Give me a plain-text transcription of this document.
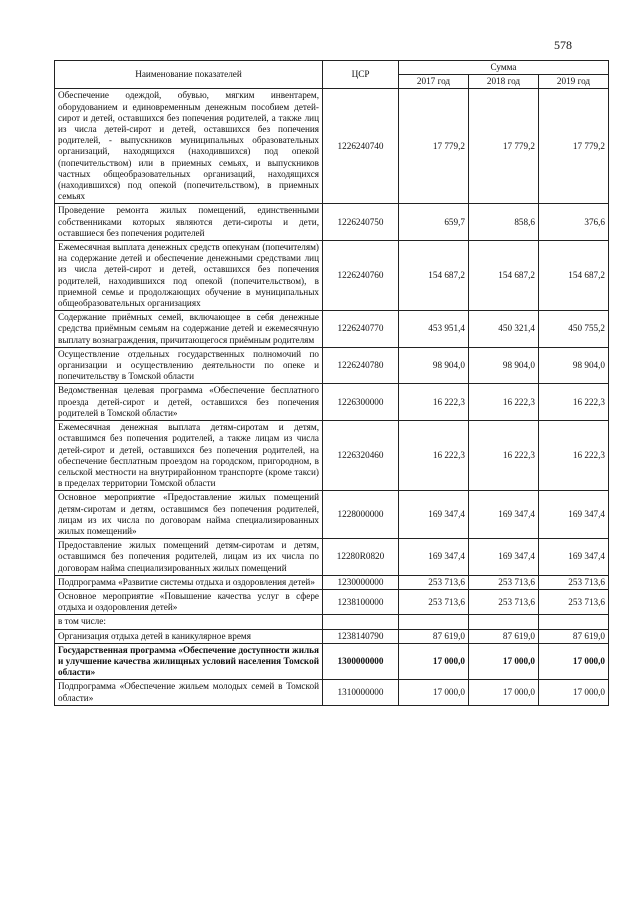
578
Наименование показателей	ЦСР	Сумма		
		2017 год	2018 год	2019 год
Обеспечение одеждой, обувью, мягким инвентарем, оборудованием и единовременным денежным пособием детей-сирот и детей, оставшихся без попечения родителей, а также лиц из числа детей-сирот и детей, оставшихся без попечения родителей, - выпускников муниципальных образовательных организаций, находящихся (находившихся) под опекой (попечительством) или в приемных семьях, и выпускников частных общеобразовательных организаций, находящихся (находившихся) под опекой (попечительством), в приемных семьях	1226240740	17 779,2	17 779,2	17 779,2
Проведение ремонта жилых помещений, единственными собственниками которых являются дети-сироты и дети, оставшиеся без попечения родителей	1226240750	659,7	858,6	376,6
Ежемесячная выплата денежных средств опекунам (попечителям) на содержание детей и обеспечение денежными средствами лиц из числа детей-сирот и детей, оставшихся без попечения родителей, находившихся под опекой (попечительством), в приемной семье и продолжающих обучение в муниципальных общеобразовательных организациях	1226240760	154 687,2	154 687,2	154 687,2
Содержание приёмных семей, включающее в себя денежные средства приёмным семьям на содержание детей и ежемесячную выплату вознаграждения, причитающегося приёмным родителям	1226240770	453 951,4	450 321,4	450 755,2
Осуществление отдельных государственных полномочий по организации и осуществлению деятельности по опеке и попечительству в Томской области	1226240780	98 904,0	98 904,0	98 904,0
Ведомственная целевая программа «Обеспечение бесплатного проезда детей-сирот и детей, оставшихся без попечения родителей в Томской области»	1226300000	16 222,3	16 222,3	16 222,3
Ежемесячная денежная выплата детям-сиротам и детям, оставшимся без попечения родителей, а также лицам из числа детей-сирот и детей, оставшихся без попечения родителей, на обеспечение бесплатным проездом на городском, пригородном, в сельской местности на внутрирайонном транспорте (кроме такси) в пределах территории Томской области	1226320460	16 222,3	16 222,3	16 222,3
Основное мероприятие «Предоставление жилых помещений детям-сиротам и детям, оставшимся без попечения родителей, лицам из их числа по договорам найма специализированных жилых помещений»	1228000000	169 347,4	169 347,4	169 347,4
Предоставление жилых помещений детям-сиротам и детям, оставшимся без попечения родителей, лицам из их числа по договорам найма специализированных жилых помещений	12280R0820	169 347,4	169 347,4	169 347,4
Подпрограмма «Развитие системы отдыха и оздоровления детей»	1230000000	253 713,6	253 713,6	253 713,6
Основное мероприятие «Повышение качества услуг в сфере отдыха и оздоровления детей»	1238100000	253 713,6	253 713,6	253 713,6
в том числе:				
Организация отдыха детей в каникулярное время	1238140790	87 619,0	87 619,0	87 619,0
Государственная программа «Обеспечение доступности жилья и улучшение качества жилищных условий населения Томской области»	1300000000	17 000,0	17 000,0	17 000,0
Подпрограмма «Обеспечение жильем молодых семей в Томской области»	1310000000	17 000,0	17 000,0	17 000,0
